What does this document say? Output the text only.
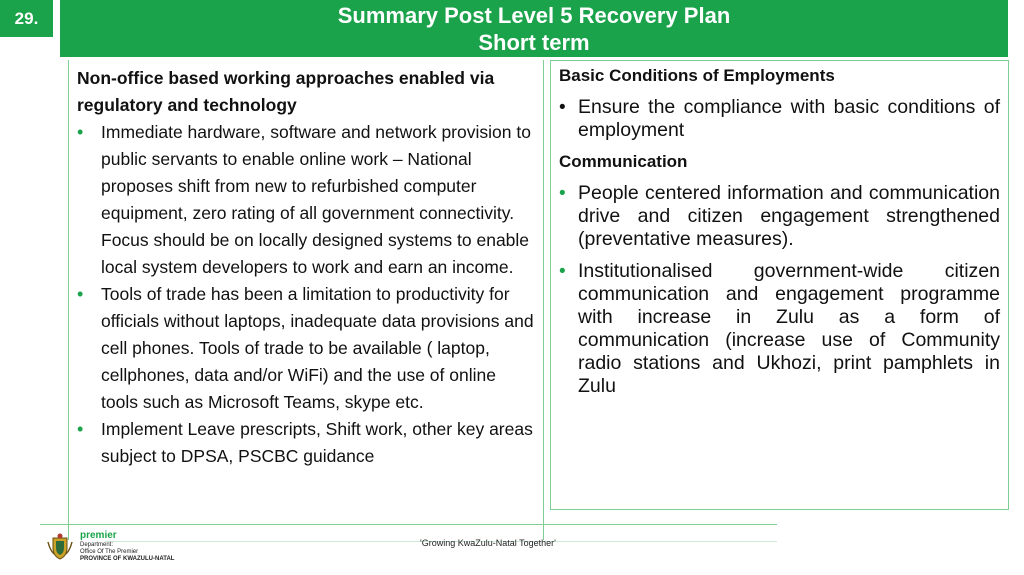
29.	Summary Post Level 5 Recovery Plan
Short term
Non-office based working approaches enabled via regulatory and technology
• Immediate hardware, software and network provision to public servants to enable online work – National proposes shift from new to refurbished computer equipment, zero rating of all government connectivity. Focus should be on locally designed systems to enable local system developers to work and earn an income.
• Tools of trade has been a limitation to productivity for officials without laptops, inadequate data provisions and cell phones. Tools of trade to be available ( laptop, cellphones, data and/or WiFi) and the use of online tools such as Microsoft Teams, skype etc.
• Implement Leave prescripts, Shift work, other key areas subject to DPSA, PSCBC guidance
Basic Conditions of Employments
• Ensure the compliance with basic conditions of employment
Communication
• People centered information and communication drive and citizen engagement strengthened (preventative measures).
• Institutionalised government-wide citizen communication and engagement programme with increase in Zulu as a form of communication (increase use of Community radio stations and Ukhozi, print pamphlets in Zulu
premier
Department:
Office Of The Premier
PROVINCE OF KWAZULU-NATAL
'Growing KwaZulu-Natal Together'
